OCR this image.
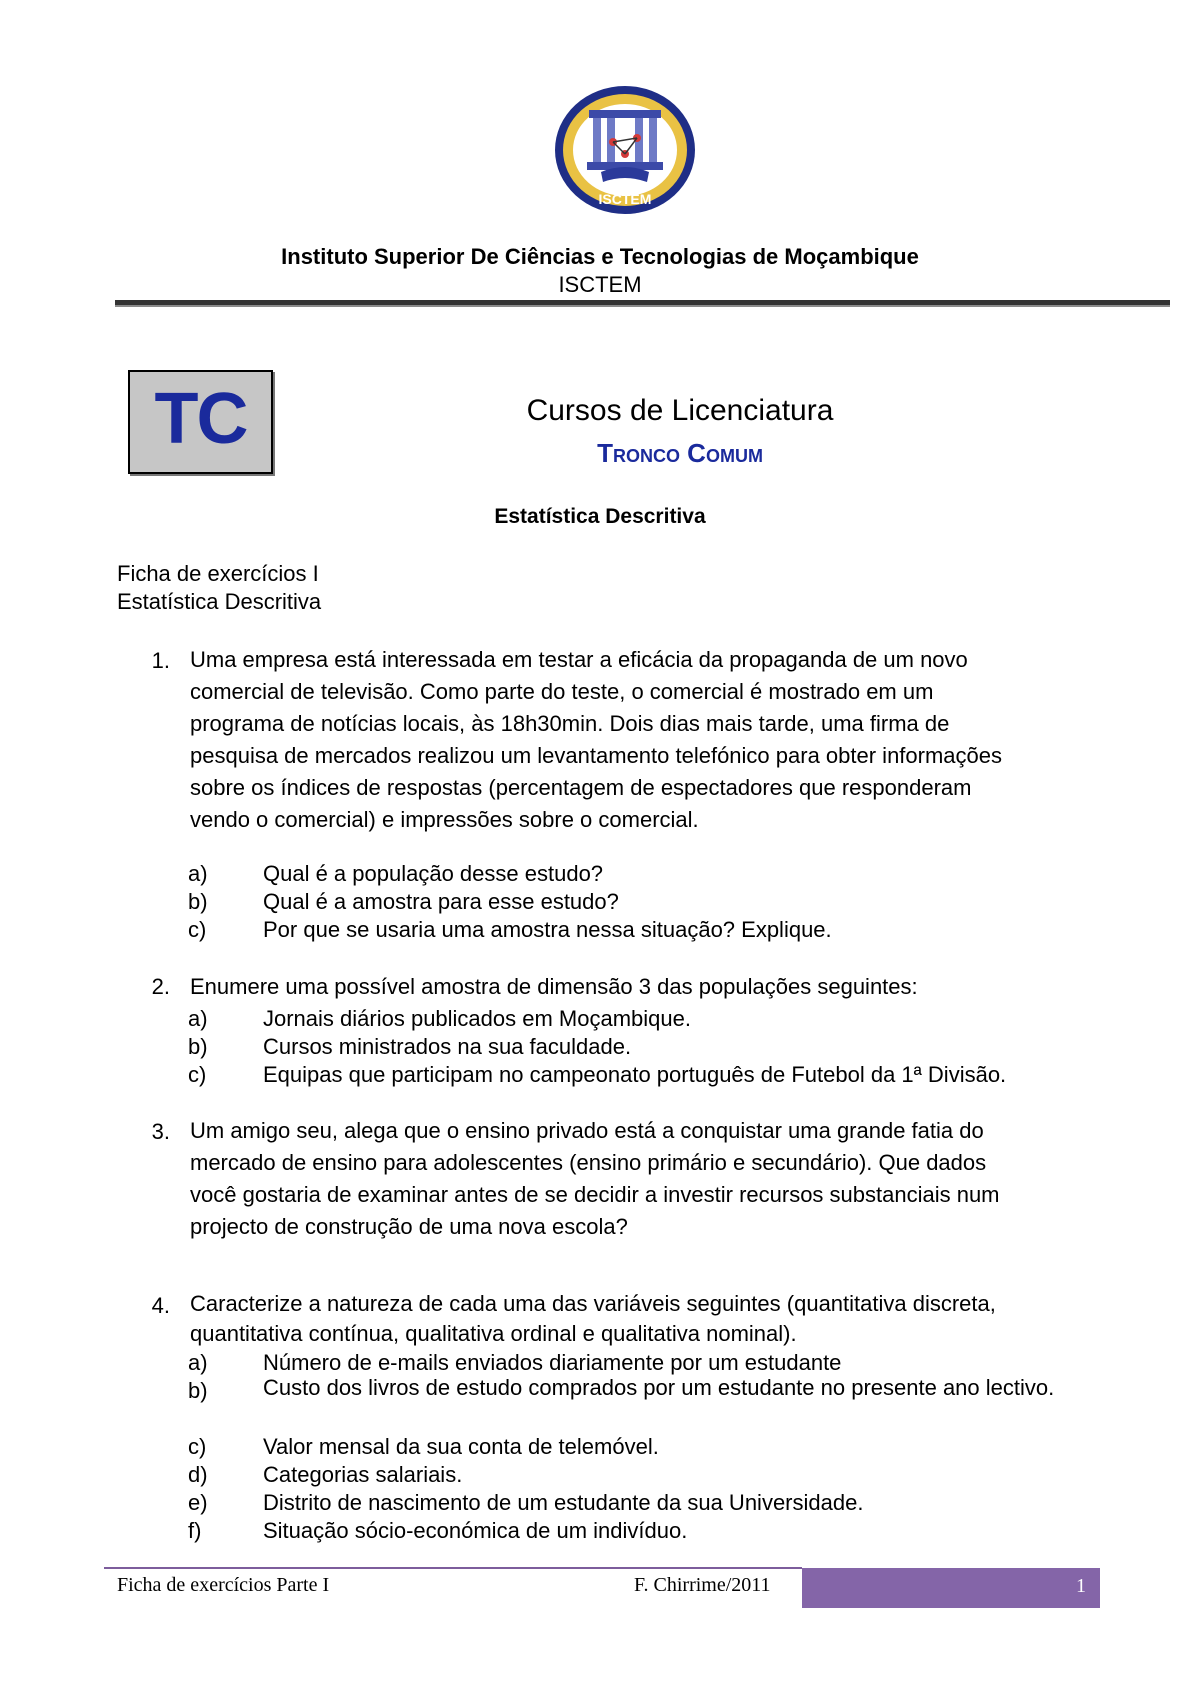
ISCTEM
Instituto Superior De Ciências e Tecnologias de Moçambique
ISCTEM
TC	Cursos de Licenciatura
Tronco Comum
Estatística Descritiva
Ficha de exercícios I
Estatística Descritiva
1. Uma empresa está interessada em testar a eficácia da propaganda de um novo
comercial de televisão. Como parte do teste, o comercial é mostrado em um
programa de notícias locais, às 18h30min. Dois dias mais tarde, uma firma de
pesquisa de mercados realizou um levantamento telefónico para obter informações
sobre os índices de respostas (percentagem de espectadores que responderam
vendo o comercial) e impressões sobre o comercial.
a)	Qual é a população desse estudo?
b)	Qual é a amostra para esse estudo?
c)	Por que se usaria uma amostra nessa situação? Explique.
2. Enumere uma possível amostra de dimensão 3 das populações seguintes:
a)	Jornais diários publicados em Moçambique.
b)	Cursos ministrados na sua faculdade.
c)	Equipas que participam no campeonato português de Futebol da 1ª Divisão.
3. Um amigo seu, alega que o ensino privado está a conquistar uma grande fatia do
mercado de ensino para adolescentes (ensino primário e secundário). Que dados
você gostaria de examinar antes de se decidir a investir recursos substanciais num
projecto de construção de uma nova escola?
4. Caracterize a natureza de cada uma das variáveis seguintes (quantitativa discreta,
quantitativa contínua, qualitativa ordinal e qualitativa nominal).
a)	Número de e-mails enviados diariamente por um estudante
b)	Custo dos livros de estudo comprados por um estudante no presente ano lectivo.
c)	Valor mensal da sua conta de telemóvel.
d)	Categorias salariais.
e)	Distrito de nascimento de um estudante da sua Universidade.
f)	Situação sócio-económica de um indivíduo.
Ficha de exercícios Parte I	F. Chirrime/2011	1
